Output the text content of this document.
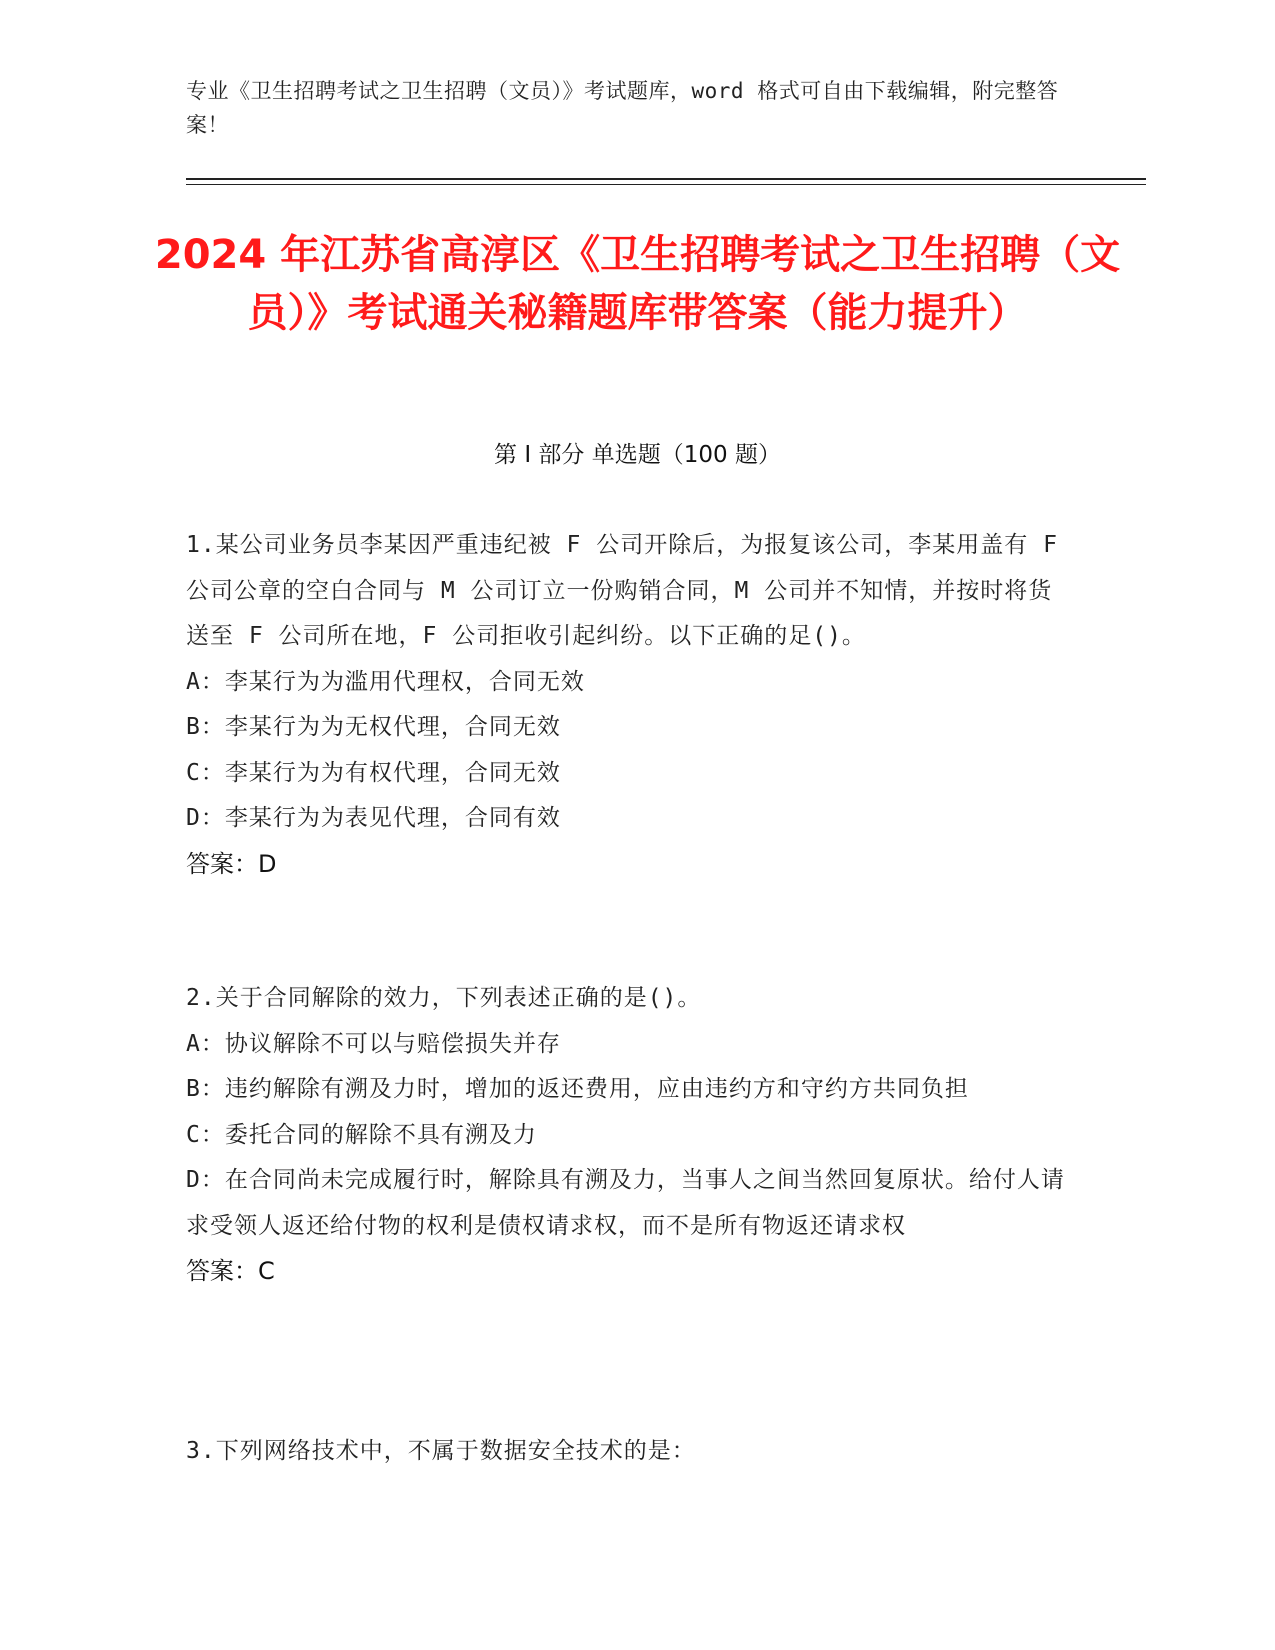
专业《卫生招聘考试之卫生招聘（文员）》考试题库，word 格式可自由下载编辑，附完整答案！
2024 年江苏省高淳区《卫生招聘考试之卫生招聘（文员）》考试通关秘籍题库带答案（能力提升）
第 I 部分 单选题（100 题）

1.某公司业务员李某因严重违纪被 F 公司开除后，为报复该公司，李某用盖有 F 公司公章的空白合同与 M 公司订立一份购销合同，M 公司并不知情，并按时将货送至 F 公司所在地，F 公司拒收引起纠纷。以下正确的足()。

A：李某行为为滥用代理权，合同无效

B：李某行为为无权代理，合同无效

C：李某行为为有权代理，合同无效

D：李某行为为表见代理，合同有效

答案：D

2.关于合同解除的效力，下列表述正确的是()。

A：协议解除不可以与赔偿损失并存

B：违约解除有溯及力时，增加的返还费用，应由违约方和守约方共同负担

C：委托合同的解除不具有溯及力

D：在合同尚未完成履行时，解除具有溯及力，当事人之间当然回复原状。给付人请求受领人返还给付物的权利是债权请求权，而不是所有物返还请求权

答案：C

3.下列网络技术中，不属于数据安全技术的是：
